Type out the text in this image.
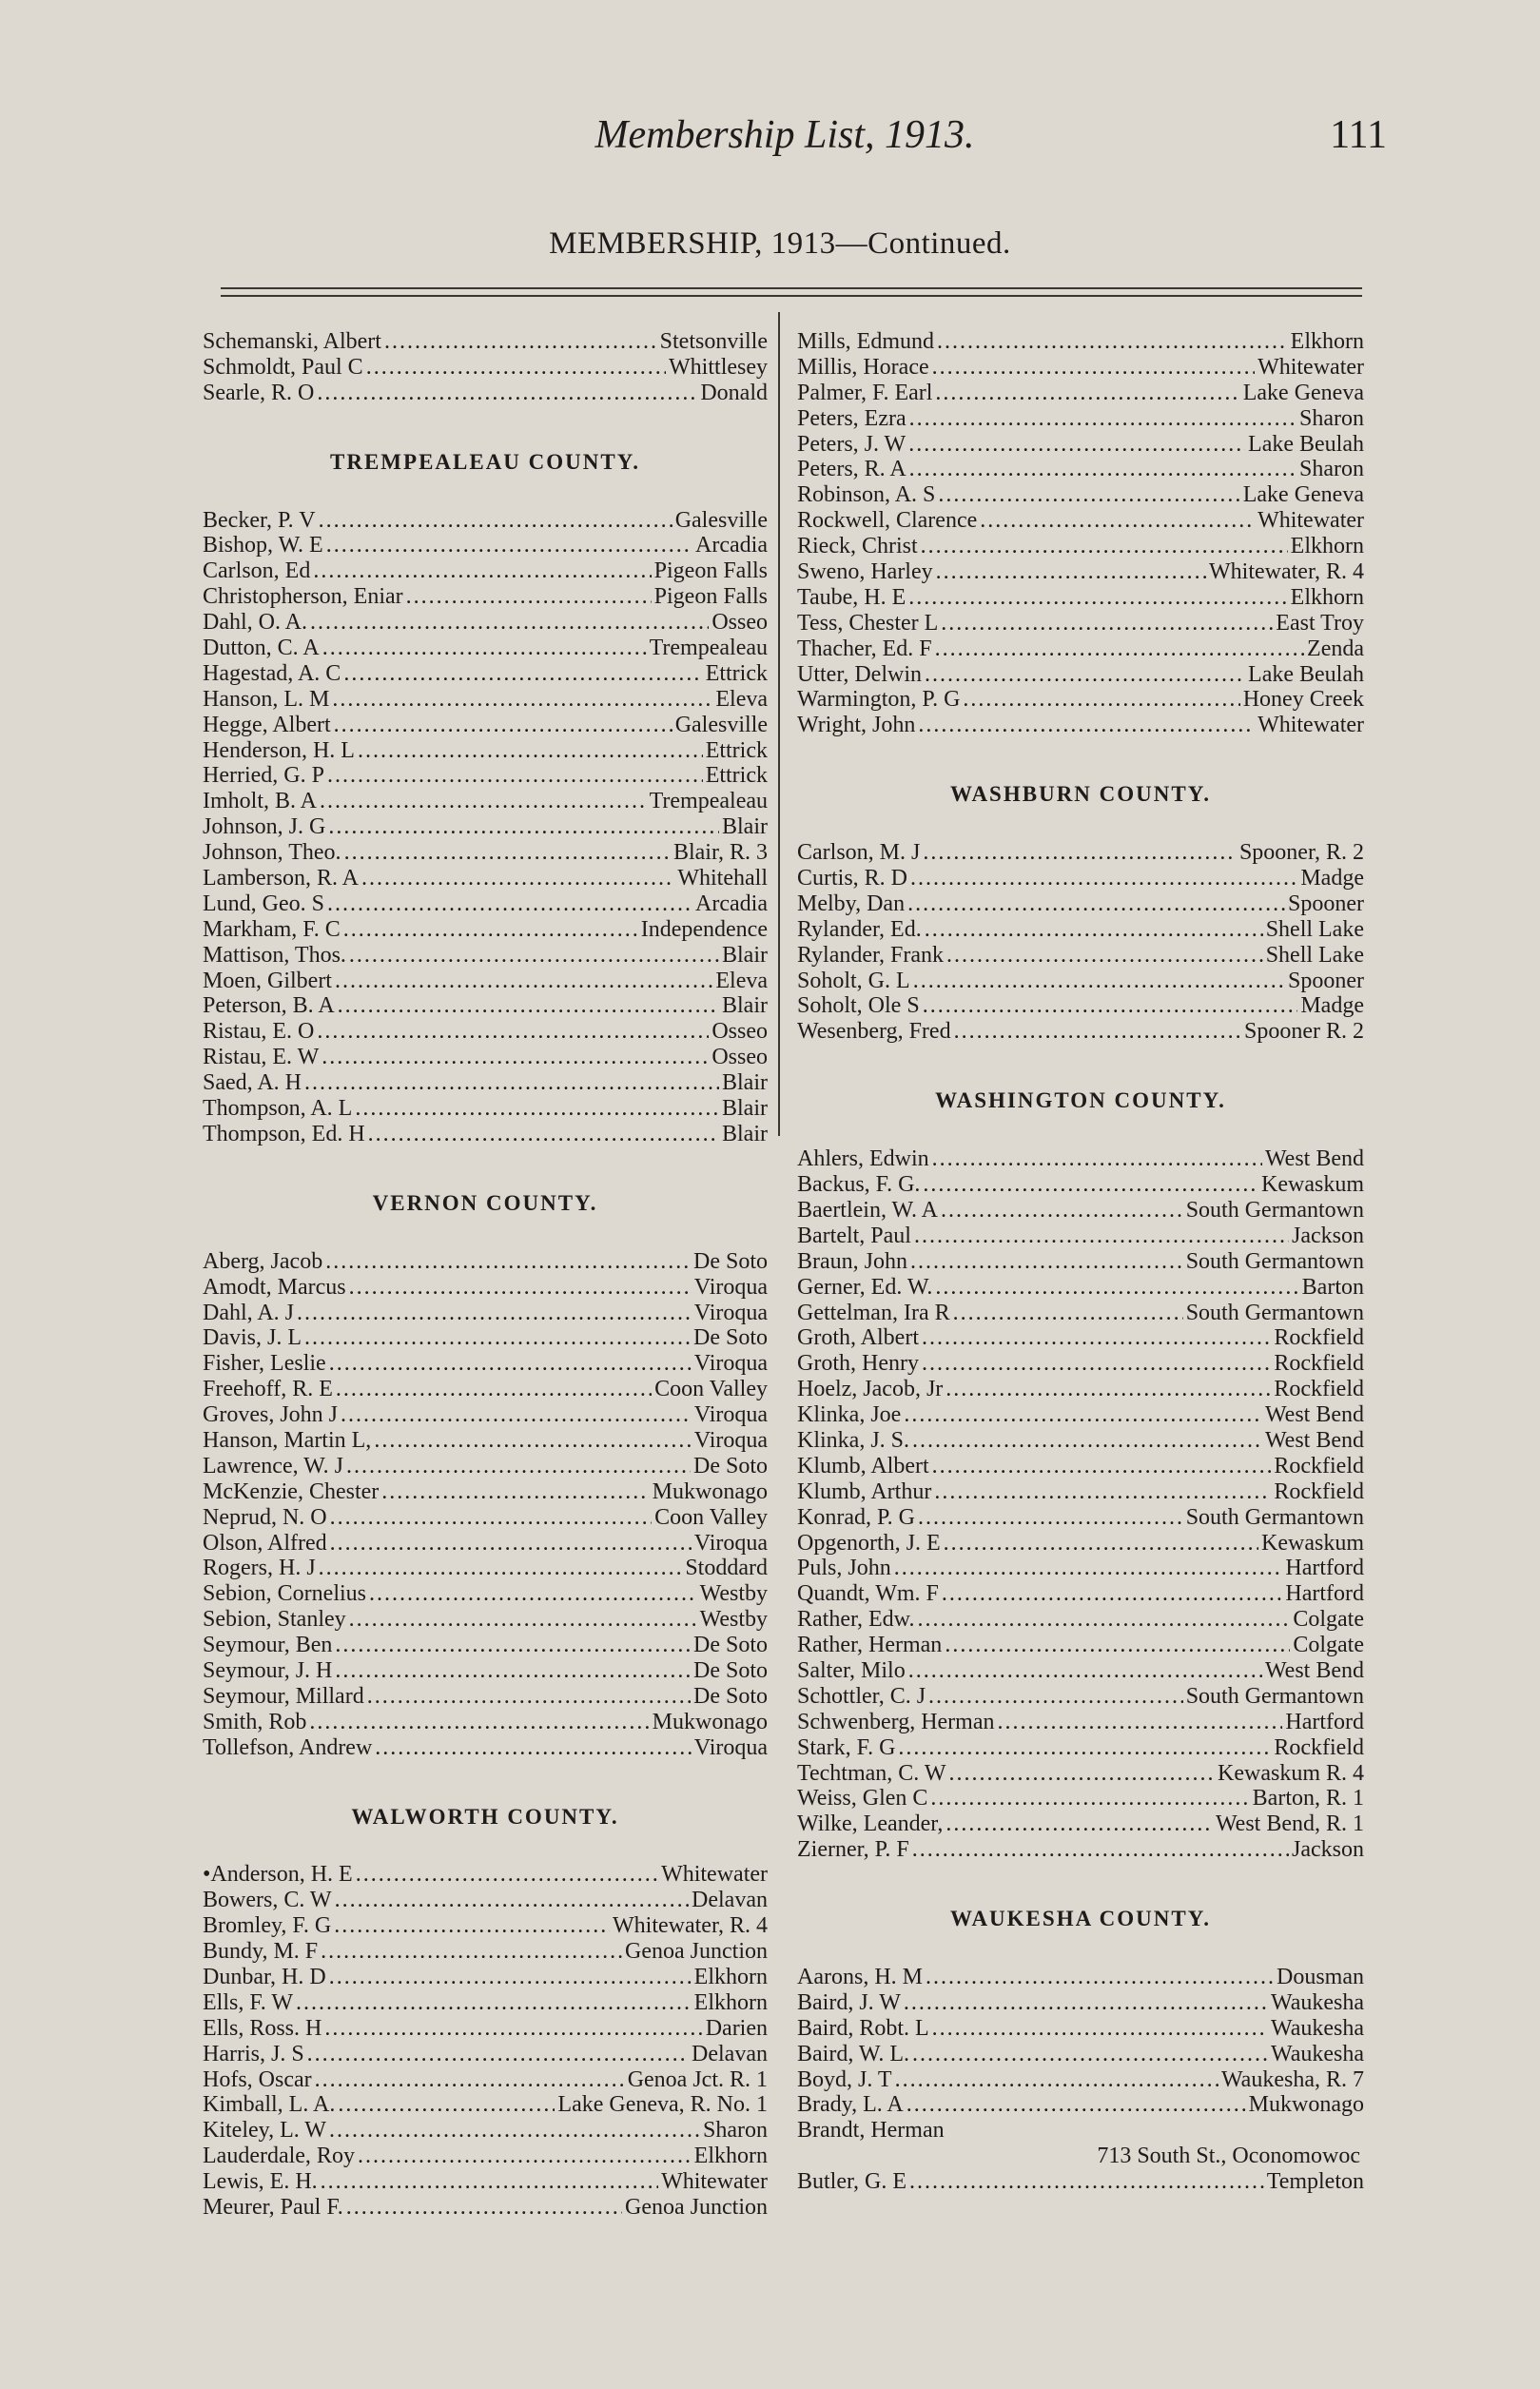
Membership List, 1913.	111
MEMBERSHIP, 1913—Continued.
Schemanski, Albert .....	Stetsonville
Schmoldt, Paul C .....	Whittlesey
Searle, R. O .....	Donald
TREMPEALEAU COUNTY.
Becker, P. V .....	Galesville
Bishop, W. E .....	Arcadia
Carlson, Ed .....	Pigeon Falls
Christopherson, Eniar .....	Pigeon Falls
Dahl, O. A. .....	Osseo
Dutton, C. A .....	Trempealeau
Hagestad, A. C .....	Ettrick
Hanson, L. M .....	Eleva
Hegge, Albert .....	Galesville
Henderson, H. L .....	Ettrick
Herried, G. P .....	Ettrick
Imholt, B. A .....	Trempealeau
Johnson, J. G .....	Blair
Johnson, Theo. .....	Blair, R. 3
Lamberson, R. A .....	Whitehall
Lund, Geo. S .....	Arcadia
Markham, F. C .....	Independence
Mattison, Thos. .....	Blair
Moen, Gilbert .....	Eleva
Peterson, B. A .....	Blair
Ristau, E. O .....	Osseo
Ristau, E. W .....	Osseo
Saed, A. H .....	Blair
Thompson, A. L .....	Blair
Thompson, Ed. H .....	Blair
VERNON COUNTY.
Aberg, Jacob .....	De Soto
Amodt, Marcus .....	Viroqua
Dahl, A. J .....	Viroqua
Davis, J. L .....	De Soto
Fisher, Leslie .....	Viroqua
Freehoff, R. E .....	Coon Valley
Groves, John J .....	Viroqua
Hanson, Martin L, .....	Viroqua
Lawrence, W. J .....	De Soto
McKenzie, Chester .....	Mukwonago
Neprud, N. O .....	Coon Valley
Olson, Alfred .....	Viroqua
Rogers, H. J .....	Stoddard
Sebion, Cornelius .....	Westby
Sebion, Stanley .....	Westby
Seymour, Ben .....	De Soto
Seymour, J. H .....	De Soto
Seymour, Millard .....	De Soto
Smith, Rob .....	Mukwonago
Tollefson, Andrew .....	Viroqua
WALWORTH COUNTY.
•Anderson, H. E .....	Whitewater
Bowers, C. W .....	Delavan
Bromley, F. G .....	Whitewater, R. 4
Bundy, M. F .....	Genoa Junction
Dunbar, H. D .....	Elkhorn
Ells, F. W .....	Elkhorn
Ells, Ross. H .....	Darien
Harris, J. S .....	Delavan
Hofs, Oscar .....	Genoa Jct. R. 1
Kimball, L. A. .....	Lake Geneva, R. No. 1
Kiteley, L. W .....	Sharon
Lauderdale, Roy .....	Elkhorn
Lewis, E. H. .....	Whitewater
Meurer, Paul F. .....	Genoa Junction
Mills, Edmund .....	Elkhorn
Millis, Horace .....	Whitewater
Palmer, F. Earl .....	Lake Geneva
Peters, Ezra .....	Sharon
Peters, J. W .....	Lake Beulah
Peters, R. A .....	Sharon
Robinson, A. S .....	Lake Geneva
Rockwell, Clarence .....	Whitewater
Rieck, Christ .....	Elkhorn
Sweno, Harley .....	Whitewater, R. 4
Taube, H. E .....	Elkhorn
Tess, Chester L .....	East Troy
Thacher, Ed. F .....	Zenda
Utter, Delwin .....	Lake Beulah
Warmington, P. G .....	Honey Creek
Wright, John .....	Whitewater
WASHBURN COUNTY.
Carlson, M. J .....	Spooner, R. 2
Curtis, R. D .....	Madge
Melby, Dan .....	Spooner
Rylander, Ed. .....	Shell Lake
Rylander, Frank .....	Shell Lake
Soholt, G. L .....	Spooner
Soholt, Ole S .....	Madge
Wesenberg, Fred .....	Spooner R. 2
WASHINGTON COUNTY.
Ahlers, Edwin .....	West Bend
Backus, F. G. .....	Kewaskum
Baertlein, W. A .....	South Germantown
Bartelt, Paul .....	Jackson
Braun, John .....	South Germantown
Gerner, Ed. W. .....	Barton
Gettelman, Ira R .....	South Germantown
Groth, Albert .....	Rockfield
Groth, Henry .....	Rockfield
Hoelz, Jacob, Jr .....	Rockfield
Klinka, Joe .....	West Bend
Klinka, J. S. .....	West Bend
Klumb, Albert .....	Rockfield
Klumb, Arthur .....	Rockfield
Konrad, P. G .....	South Germantown
Opgenorth, J. E .....	Kewaskum
Puls, John .....	Hartford
Quandt, Wm. F .....	Hartford
Rather, Edw. .....	Colgate
Rather, Herman .....	Colgate
Salter, Milo .....	West Bend
Schottler, C. J .....	South Germantown
Schwenberg, Herman .....	Hartford
Stark, F. G .....	Rockfield
Techtman, C. W .....	Kewaskum R. 4
Weiss, Glen C .....	Barton, R. 1
Wilke, Leander, .....	West Bend, R. 1
Zierner, P. F .....	Jackson
WAUKESHA COUNTY.
Aarons, H. M .....	Dousman
Baird, J. W .....	Waukesha
Baird, Robt. L .....	Waukesha
Baird, W. L. .....	Waukesha
Boyd, J. T .....	Waukesha, R. 7
Brady, L. A .....	Mukwonago
Brandt, Herman
713 South St., Oconomowoc
Butler, G. E .....	Templeton
